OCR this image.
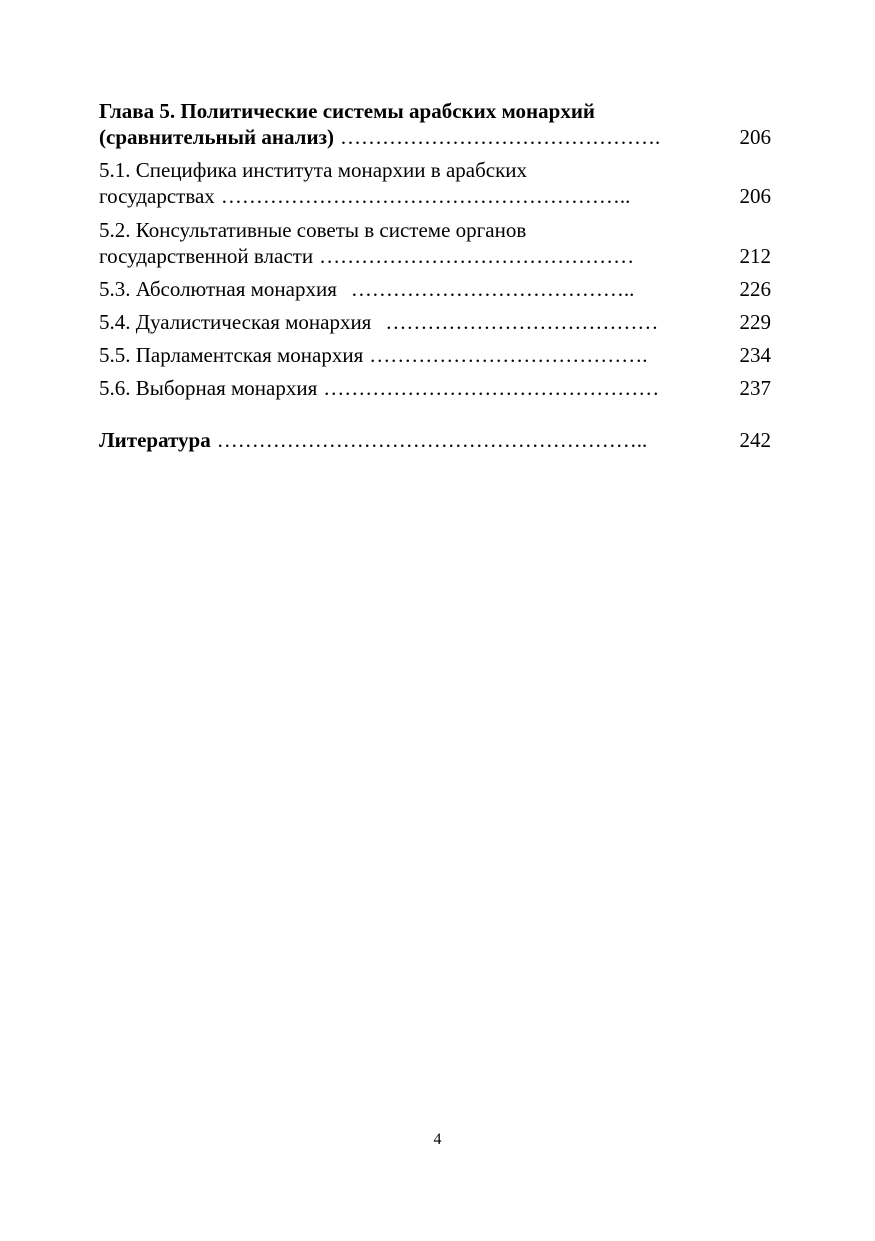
Глава 5. Политические системы арабских монархий
(сравнительный анализ) ……………………………………….	206
5.1. Специфика института монархии в арабских
государствах …………………………………………………..	206
5.2. Консультативные советы в системе органов
государственной власти ………………………………………	212
5.3. Абсолютная монархия …………………………………..	226
5.4. Дуалистическая монархия …………………………………	229
5.5. Парламентская монархия ………………………………….	234
5.6. Выборная монархия …………………………………………	237
Литература ……………………………………………………..	242
4
